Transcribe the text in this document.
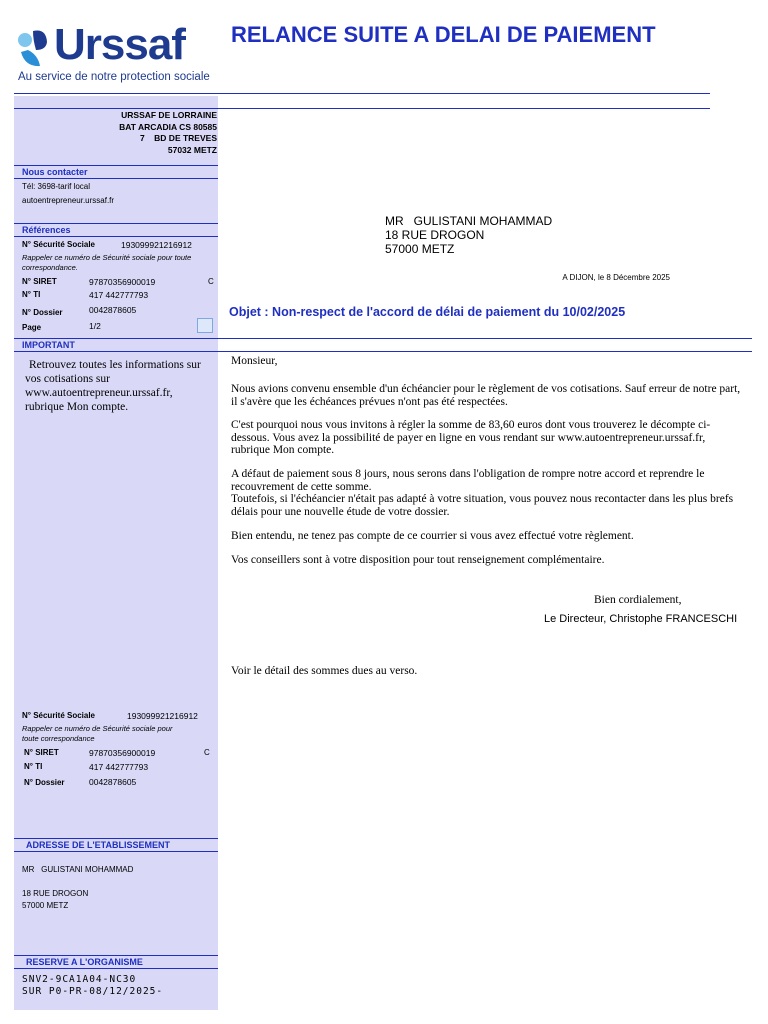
Urssaf
Au service de notre protection sociale
RELANCE SUITE A DELAI DE PAIEMENT
URSSAF DE LORRAINE
BAT ARCADIA CS 80585
7    BD DE TREVES
57032 METZ
Nous contacter
Tél: 3698-tarif local
autoentrepreneur.urssaf.fr
Références
N° Sécurité Sociale	193099921216912
Rappeler ce numéro de Sécurité sociale pour toute correspondance.
N° SIRET	97870356900019	C
N° TI	417 442777793
N° Dossier	0042878605
Page	1/2
IMPORTANT
Retrouvez toutes les informations sur vos cotisations sur www.autoentrepreneur.urssaf.fr, rubrique Mon compte.
MR   GULISTANI MOHAMMAD
18 RUE DROGON
57000 METZ
A DIJON, le 8 Décembre 2025
Objet : Non-respect de l'accord de délai de paiement du 10/02/2025
Monsieur,
Nous avions convenu ensemble d'un échéancier pour le règlement de vos cotisations. Sauf erreur de notre part, il s'avère que les échéances prévues n'ont pas été respectées.
C'est pourquoi nous vous invitons à régler la somme de 83,60 euros dont vous trouverez le décompte ci-dessous. Vous avez la possibilité de payer en ligne en vous rendant sur www.autoentrepreneur.urssaf.fr, rubrique Mon compte.
A défaut de paiement sous 8 jours, nous serons dans l'obligation de rompre notre accord et reprendre le recouvrement de cette somme.
Toutefois, si l'échéancier n'était pas adapté à votre situation, vous pouvez nous recontacter dans les plus brefs délais pour une nouvelle étude de votre dossier.
Bien entendu, ne tenez pas compte de ce courrier si vous avez effectué votre règlement.
Vos conseillers sont à votre disposition pour tout renseignement complémentaire.
Bien cordialement,
Le Directeur, Christophe FRANCESCHI
Voir le détail des sommes dues au verso.
N° Sécurité Sociale	193099921216912
Rappeler ce numéro de Sécurité sociale pour toute correspondance
N° SIRET	97870356900019	C
N° TI	417 442777793
N° Dossier	0042878605
ADRESSE DE L'ETABLISSEMENT
MR   GULISTANI MOHAMMAD
18 RUE DROGON
57000 METZ
RESERVE A L'ORGANISME
SNV2-9CA1A04-NC30
SUR P0-PR-08/12/2025-
